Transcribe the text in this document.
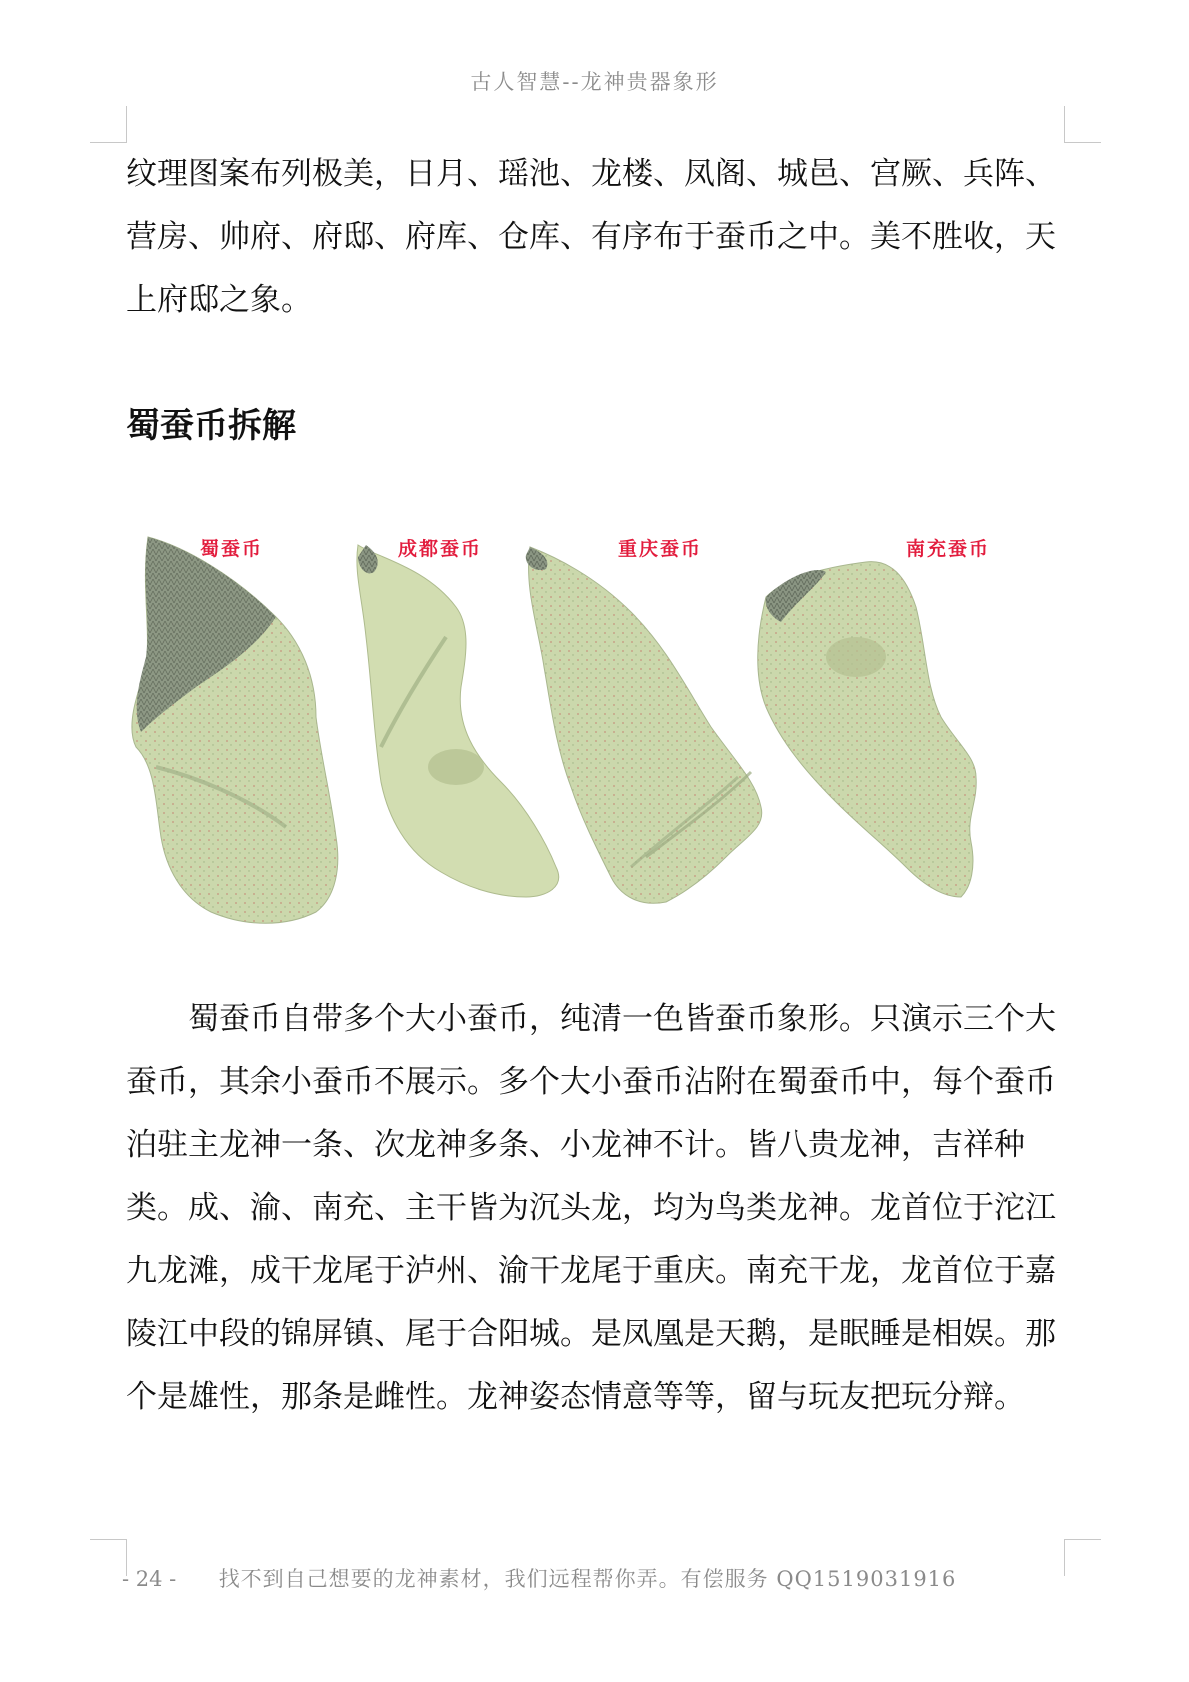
古人智慧--龙神贵器象形
纹理图案布列极美，日月、瑶池、龙楼、凤阁、城邑、宫厥、兵阵、营房、帅府、府邸、府库、仓库、有序布于蚕币之中。美不胜收，天上府邸之象。
蜀蚕币拆解
蜀蚕币	成都蚕币	重庆蚕币	南充蚕币
蜀蚕币自带多个大小蚕币，纯清一色皆蚕币象形。只演示三个大蚕币，其余小蚕币不展示。多个大小蚕币沾附在蜀蚕币中，每个蚕币泊驻主龙神一条、次龙神多条、小龙神不计。皆八贵龙神，吉祥种类。成、渝、南充、主干皆为沉头龙，均为鸟类龙神。龙首位于沱江九龙滩，成干龙尾于泸州、渝干龙尾于重庆。南充干龙，龙首位于嘉陵江中段的锦屏镇、尾于合阳城。是凤凰是天鹅，是眠睡是相娱。那个是雄性，那条是雌性。龙神姿态情意等等，留与玩友把玩分辩。
- 24 - 找不到自己想要的龙神素材，我们远程帮你弄。有偿服务 QQ1519031916
